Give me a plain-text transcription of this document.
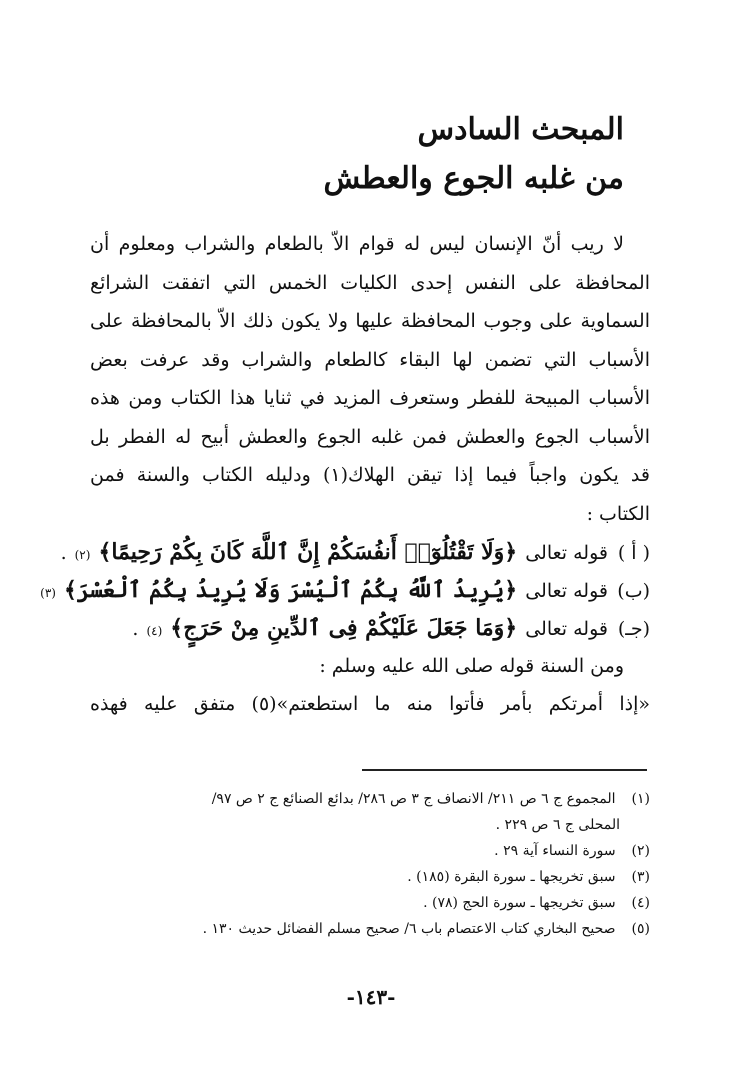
المبحث السادس
من غلبه الجوع والعطش
لا ريب أنّ الإنسان ليس له قوام الاّ بالطعام والشراب ومعلوم أن
المحافظة على النفس إحدى الكليات الخمس التي اتفقت الشرائع
السماوية على وجوب المحافظة عليها ولا يكون ذلك الاّ بالمحافظة على
الأسباب التي تضمن لها البقاء كالطعام والشراب وقد عرفت بعض
الأسباب المبيحة للفطر وستعرف المزيد في ثنايا هذا الكتاب ومن هذه
الأسباب الجوع والعطش فمن غلبه الجوع والعطش أبيح له الفطر بل
قد يكون واجباً فيما إذا تيقن الهلاك(١) ودليله الكتاب والسنة فمن
الكتاب :
( أ )
قوله تعالى
﴿وَلَا تَقْتُلُوٓا۟ أَنفُسَكُمْ إِنَّ ٱللَّهَ كَانَ بِكُمْ رَحِيمًا﴾
(٢)
.
(ب)
قوله تعالى
﴿يُرِيدُ ٱللَّهُ بِكُمُ ٱلْيُسْرَ وَلَا يُرِيدُ بِكُمُ ٱلْعُسْرَ﴾
(٣)
(جـ)
قوله تعالى
﴿وَمَا جَعَلَ عَلَيْكُمْ فِى ٱلدِّينِ مِنْ حَرَجٍ﴾
(٤)
.
ومن السنة قوله صلى الله عليه وسلم :
«إذا أمرتكم بأمر فأتوا منه ما استطعتم»(٥) متفق عليه فهذه
(١) المجموع ج ٦ ص ٢١١/ الانصاف ج ٣ ص ٢٨٦/ بدائع الصنائع ج ٢ ص ٩٧/
المحلى ج ٦ ص ٢٢٩ .
(٢) سورة النساء آية ٢٩ .
(٣) سبق تخريجها ـ سورة البقرة (١٨٥) .
(٤) سبق تخريجها ـ سورة الحج (٧٨) .
(٥) صحيح البخاري كتاب الاعتصام باب ٦/ صحيح مسلم الفضائل حديث ١٣٠ .
-١٤٣-
